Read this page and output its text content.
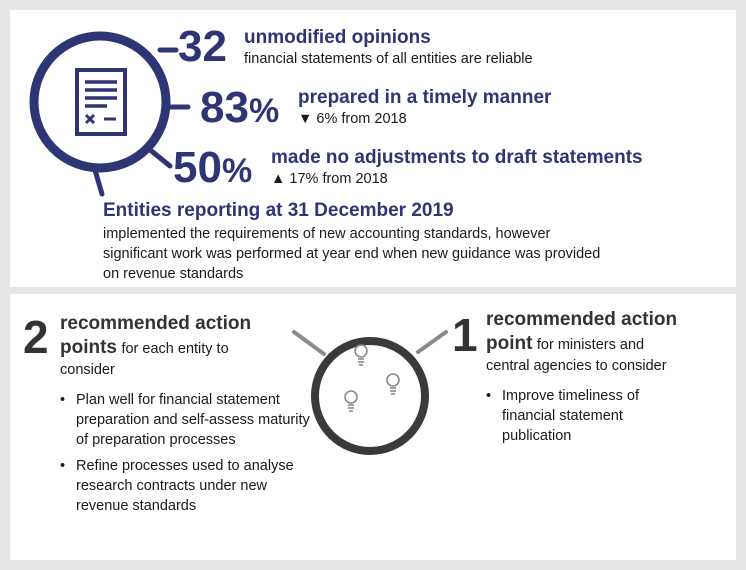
32 unmodified opinions
financial statements of all entities are reliable
83% prepared in a timely manner
▼ 6% from 2018
50% made no adjustments to draft statements
▲ 17% from 2018
Entities reporting at 31 December 2019
implemented the requirements of new accounting standards, however
significant work was performed at year end when new guidance was provided
on revenue standards
2 recommended action
points for each entity to
consider
• Plan well for financial statement preparation and self-assess maturity of preparation processes
• Refine processes used to analyse research contracts under new revenue standards
1 recommended action
point for ministers and
central agencies to consider
• Improve timeliness of financial statement publication
